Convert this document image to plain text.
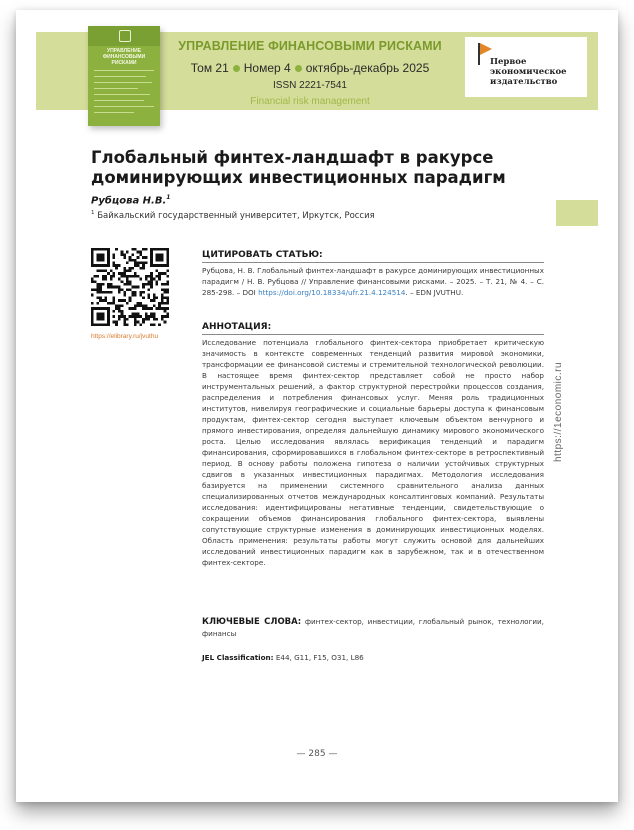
УПРАВЛЕНИЕ ФИНАНСОВЫМИ РИСКАМИ
УПРАВЛЕНИЕ ФИНАНСОВЫМИ РИСКАМИ
Том 21 Номер 4 октябрь-декабрь 2025
ISSN 2221-7541
Financial risk management
Первое экономическое издательство
https://1economic.ru
Глобальный финтех-ландшафт в ракурсе доминирующих инвестиционных парадигм
Рубцова Н.В.$^1$
$^1$ Байкальский государственный университет, Иркутск, Россия
https://elibrary.ru/jvuthu
ЦИТИРОВАТЬ СТАТЬЮ:
Рубцова, Н. В. Глобальный финтех-ландшафт в ракурсе доминирующих инвестиционных парадигм / Н. В. Рубцова // Управление финансовыми рисками. – 2025. – Т. 21, № 4. – С. 285-298. – DOI https://doi.org/10.18334/ufr.21.4.124514. – EDN JVUTHU.
АННОТАЦИЯ:
Исследование потенциала глобального финтех-сектора приобретает критическую значимость в контексте современных тенденций развития мировой экономики, трансформации ее финансовой системы и стремительной технологической революции. В настоящее время финтех-сектор представляет собой не просто набор инструментальных решений, а фактор структурной перестройки процессов создания, распределения и потребления финансовых услуг. Меняя роль традиционных институтов, нивелируя географические и социальные барьеры доступа к финансовым продуктам, финтех-сектор сегодня выступает ключевым объектом венчурного и прямого инвестирования, определяя дальнейшую динамику мирового экономического роста. Целью исследования являлась верификация тенденций и парадигм финансирования, сформировавшихся в глобальном финтех-секторе в ретроспективный период. В основу работы положена гипотеза о наличии устойчивых структурных сдвигов в указанных инвестиционных парадигмах. Методология исследования базируется на применении системного сравнительного анализа данных специализированных отчетов международных консалтинговых компаний. Результаты исследования: идентифицированы негативные тенденции, свидетельствующие о сокращении объемов финансирования глобального финтех-сектора, выявлены сопутствующие структурные изменения в доминирующих инвестиционных моделях. Область применения: результаты работы могут служить основой для дальнейших исследований инвестиционных парадигм как в зарубежном, так и в отечественном финтех-секторе.
КЛЮЧЕВЫЕ СЛОВА: финтех-сектор, инвестиции, глобальный рынок, технологии, финансы
JEL Classification: E44, G11, F15, O31, L86
— 285 —
